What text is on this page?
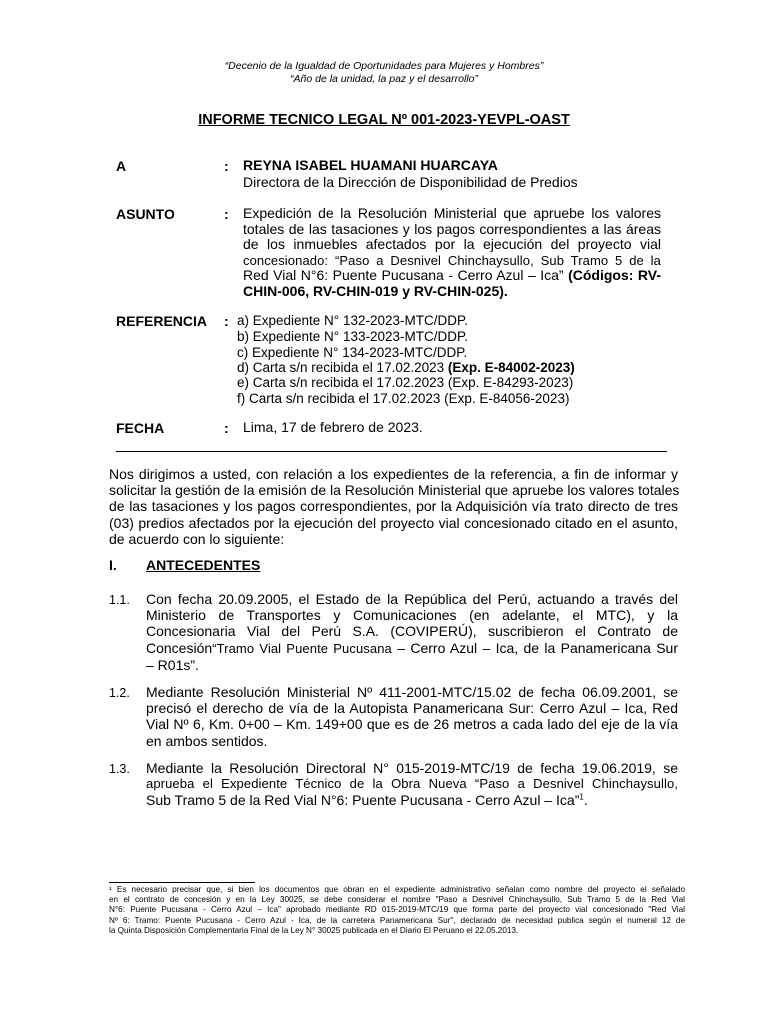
“Decenio de la Igualdad de Oportunidades para Mujeres y Hombres”
“Año de la unidad, la paz y el desarrollo”
INFORME TECNICO LEGAL Nº 001-2023-YEVPL-OAST
A	: REYNA ISABEL HUAMANI HUARCAYA
Directora de la Dirección de Disponibilidad de Predios
ASUNTO	: Expedición de la Resolución Ministerial que apruebe los valores
totales de las tasaciones y los pagos correspondientes a las áreas
de los inmuebles afectados por la ejecución del proyecto vial
concesionado: “Paso a Desnivel Chinchaysullo, Sub Tramo 5 de la
Red Vial N°6: Puente Pucusana - Cerro Azul – Ica” (Códigos: RV-
CHIN-006, RV-CHIN-019 y RV-CHIN-025).
REFERENCIA : a) Expediente N° 132-2023-MTC/DDP.
b) Expediente N° 133-2023-MTC/DDP.
c) Expediente N° 134-2023-MTC/DDP.
d) Carta s/n recibida el 17.02.2023 (Exp. E-84002-2023)
e) Carta s/n recibida el 17.02.2023 (Exp. E-84293-2023)
f) Carta s/n recibida el 17.02.2023 (Exp. E-84056-2023)
FECHA	: Lima, 17 de febrero de 2023.
Nos dirigimos a usted, con relación a los expedientes de la referencia, a fin de informar y
solicitar la gestión de la emisión de la Resolución Ministerial que apruebe los valores totales
de las tasaciones y los pagos correspondientes, por la Adquisición vía trato directo de tres
(03) predios afectados por la ejecución del proyecto vial concesionado citado en el asunto,
de acuerdo con lo siguiente:
I. ANTECEDENTES
1.1. Con fecha 20.09.2005, el Estado de la República del Perú, actuando a través del
Ministerio de Transportes y Comunicaciones (en adelante, el MTC), y la
Concesionaria Vial del Perú S.A. (COVIPERÚ), suscribieron el Contrato de
Concesión“Tramo Vial Puente Pucusana – Cerro Azul – Ica, de la Panamericana Sur
– R01s”.
1.2. Mediante Resolución Ministerial Nº 411-2001-MTC/15.02 de fecha 06.09.2001, se
precisó el derecho de vía de la Autopista Panamericana Sur: Cerro Azul – Ica, Red
Vial Nº 6, Km. 0+00 – Km. 149+00 que es de 26 metros a cada lado del eje de la vía
en ambos sentidos.
1.3. Mediante la Resolución Directoral N° 015-2019-MTC/19 de fecha 19.06.2019, se
aprueba el Expediente Técnico de la Obra Nueva “Paso a Desnivel Chinchaysullo,
Sub Tramo 5 de la Red Vial N°6: Puente Pucusana - Cerro Azul – Ica”$^1$.
¹ Es necesario precisar que, si bien los documentos que obran en el expediente administrativo señalan como nombre del proyecto el señalado
en el contrato de concesión y en la Ley 30025, se debe considerar el nombre "Paso a Desnivel Chinchaysullo, Sub Tramo 5 de la Red Vial
N°6: Puente Pucusana - Cerro Azul – Ica" aprobado mediante RD 015-2019-MTC/19 que forma parte del proyecto vial concesionado "Red Vial
Nº 6: Tramo: Puente Pucusana - Cerro Azul - Ica, de la carretera Panamericana Sur", declarado de necesidad publica según el numeral 12 de
la Quinta Disposición Complementaria Final de la Ley N° 30025 publicada en el Diario El Peruano el 22.05.2013.
